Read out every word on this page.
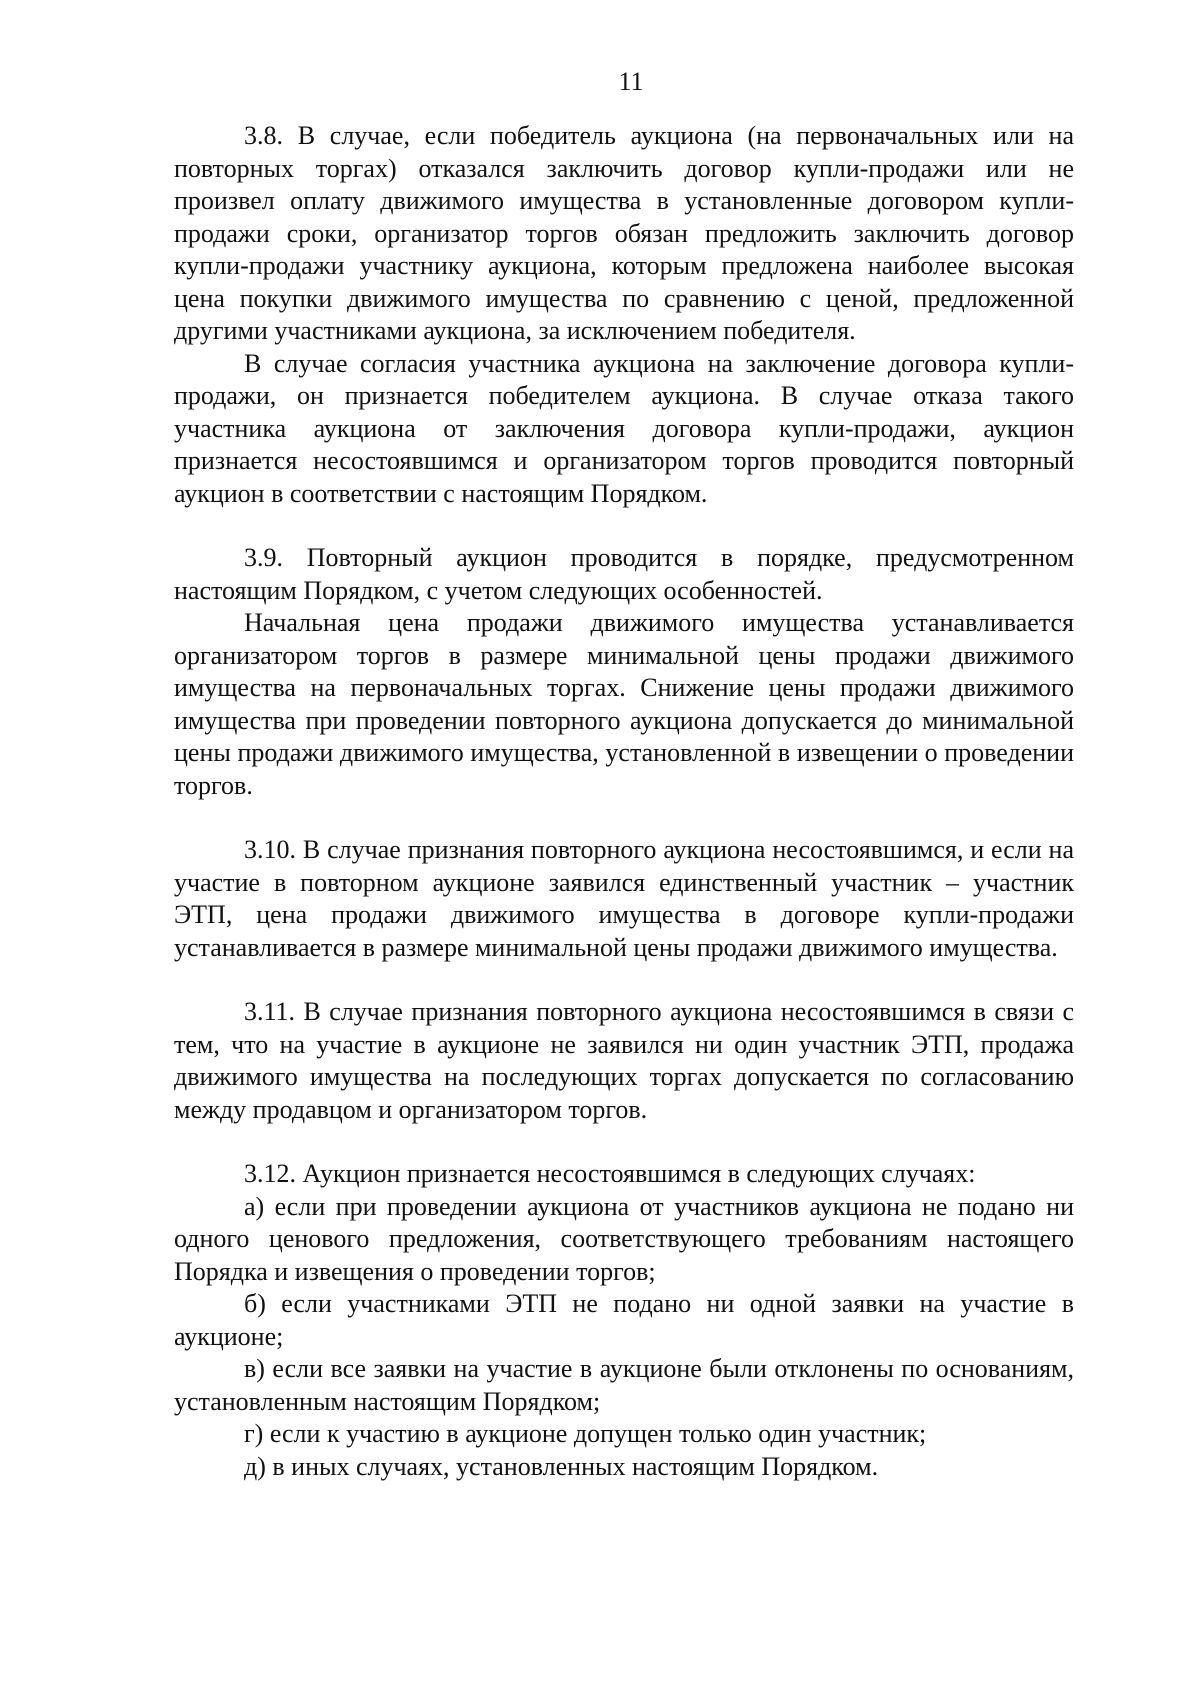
11

3.8. В случае, если победитель аукциона (на первоначальных или на повторных торгах) отказался заключить договор купли-продажи или не произвел оплату движимого имущества в установленные договором купли-продажи сроки, организатор торгов обязан предложить заключить договор купли-продажи участнику аукциона, которым предложена наиболее высокая цена покупки движимого имущества по сравнению с ценой, предложенной другими участниками аукциона, за исключением победителя.

В случае согласия участника аукциона на заключение договора купли-продажи, он признается победителем аукциона. В случае отказа такого участника аукциона от заключения договора купли-продажи, аукцион признается несостоявшимся и организатором торгов проводится повторный аукцион в соответствии с настоящим Порядком.

3.9. Повторный аукцион проводится в порядке, предусмотренном настоящим Порядком, с учетом следующих особенностей.

Начальная цена продажи движимого имущества устанавливается организатором торгов в размере минимальной цены продажи движимого имущества на первоначальных торгах. Снижение цены продажи движимого имущества при проведении повторного аукциона допускается до минимальной цены продажи движимого имущества, установленной в извещении о проведении торгов.

3.10. В случае признания повторного аукциона несостоявшимся, и если на участие в повторном аукционе заявился единственный участник – участник ЭТП, цена продажи движимого имущества в договоре купли-продажи устанавливается в размере минимальной цены продажи движимого имущества.

3.11. В случае признания повторного аукциона несостоявшимся в связи с тем, что на участие в аукционе не заявился ни один участник ЭТП, продажа движимого имущества на последующих торгах допускается по согласованию между продавцом и организатором торгов.

3.12. Аукцион признается несостоявшимся в следующих случаях:

а) если при проведении аукциона от участников аукциона не подано ни одного ценового предложения, соответствующего требованиям настоящего Порядка и извещения о проведении торгов;

б) если участниками ЭТП не подано ни одной заявки на участие в аукционе;

в) если все заявки на участие в аукционе были отклонены по основаниям, установленным настоящим Порядком;

г) если к участию в аукционе допущен только один участник;

д) в иных случаях, установленных настоящим Порядком.
